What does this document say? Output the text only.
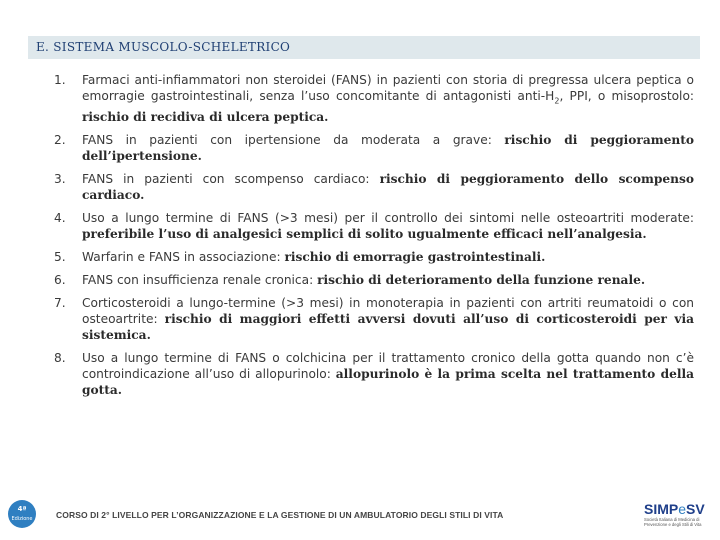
E. SISTEMA MUSCOLO-SCHELETRICO
1. Farmaci anti-infiammatori non steroidei (FANS) in pazienti con storia di pregressa ulcera peptica o emorragie gastrointestinali, senza l’uso concomitante di antagonisti anti-$H_2$, PPI, o misoprostolo: rischio di recidiva di ulcera peptica.
2. FANS in pazienti con ipertensione da moderata a grave: rischio di peggioramento dell’ipertensione.
3. FANS in pazienti con scompenso cardiaco: rischio di peggioramento dello scompenso cardiaco.
4. Uso a lungo termine di FANS (>3 mesi) per il controllo dei sintomi nelle osteoartriti moderate: preferibile l’uso di analgesici semplici di solito ugualmente efficaci nell’analgesia.
5. Warfarin e FANS in associazione: rischio di emorragie gastrointestinali.
6. FANS con insufficienza renale cronica: rischio di deterioramento della funzione renale.
7. Corticosteroidi a lungo-termine (>3 mesi) in monoterapia in pazienti con artriti reumatoidi o con osteoartrite: rischio di maggiori effetti avversi dovuti all’uso di corticosteroidi per via sistemica.
8. Uso a lungo termine di FANS o colchicina per il trattamento cronico della gotta quando non c’è controindicazione all’uso di allopurinolo: allopurinolo è la prima scelta nel trattamento della gotta.
4ª
Edizione	CORSO DI 2° LIVELLO PER L’ORGANIZZAZIONE E LA GESTIONE DI UN AMBULATORIO DEGLI STILI DI VITA	SIMPeSV
Società Italiana di Medicina di Prevenzione e degli Stili di Vita
